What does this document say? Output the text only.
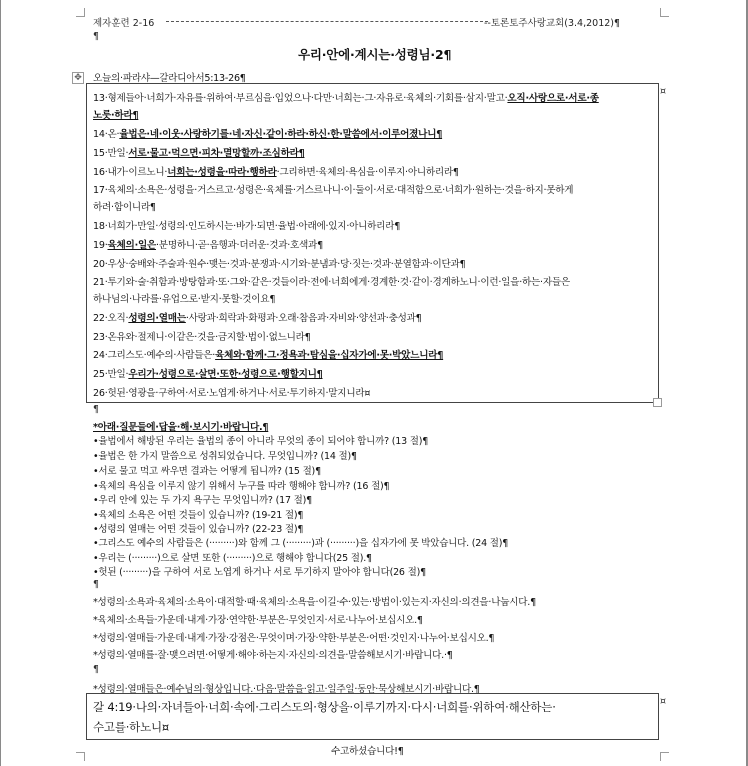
제자훈련 2-16	--토론토주사랑교회(3.4,2012)¶
¶
우리·안에·계시는·성령님·2¶
✥ 오늘의·파라샤—갈라디아서5:13-26¶
¤
13·형제들아·너희가·자유를·위하여·부르심을·입었으나·다만·너희는·그·자유로·육체의·기회를·삼지·말고·오직·사랑으로·서로·종
노릇·하라¶
14·온·율법은·네·이웃·사랑하기를·네·자신·같이·하라·하신·한·말씀에서·이루어졌나니¶
15·만일·서로·물고·먹으면·피차·멸망할까·조심하라¶
16·내가·이르노니·너희는·성령을·따라·행하라·그리하면·육체의·욕심을·이루지·아니하리라¶
17·육체의·소욕은·성령을·거스르고·성령은·육체를·거스르나니·이·둘이·서로·대적함으로·너희가·원하는·것을·하지·못하게
하려·함이니라¶
18·너희가·만일·성령의·인도하시는·바가·되면·율법·아래에·있지·아니하리라¶
19·육체의·일은·분명하니·곧·음행과·더러운·것과·호색과¶
20·우상·숭배와·주술과·원수·맺는·것과·분쟁과·시기와·분냄과·당·짓는·것과·분열함과·이단과¶
21·투기와·술·취함과·방탕함과·또·그와·같은·것들이라·전에·너희에게·경계한·것·같이·경계하노니·이런·일을·하는·자들은
하나님의·나라를·유업으로·받지·못할·것이요¶
22·오직·성령의·열매는·사랑과·희락과·화평과·오래·참음과·자비와·양선과·충성과¶
23·온유와·절제니·이같은·것을·금지할·법이·없느니라¶
24·그리스도·예수의·사람들은·육체와·함께·그·정욕과·탐심을·십자가에·못·박았느니라¶
25·만일·우리가·성령으로·살면·또한·성령으로·행할지니¶
26·헛된·영광을·구하여·서로·노엽게·하거나·서로·투기하지·말지니라¤
¶
*아래·질문들에·답을·해·보시기·바랍니다.¶
•율법에서 해방된 우리는 율법의 종이 아니라 무엇의 종이 되어야 합니까? (13 절)¶
•율법은 한 가지 말씀으로 성취되었습니다. 무엇입니까? (14 절)¶
•서로 물고 먹고 싸우면 결과는 어떻게 됩니까? (15 절)¶
•육체의 욕심을 이루지 않기 위해서 누구를 따라 행해야 합니까? (16 절)¶
•우리 안에 있는 두 가지 욕구는 무엇입니까? (17 절)¶
•육체의 소욕은 어떤 것들이 있습니까? (19-21 절)¶
•성령의 열매는 어떤 것들이 있습니까? (22-23 절)¶
•그리스도 예수의 사람들은 (·········)와 함께 그 (·········)과 (·········)을 십자가에 못 박았습니다. (24 절)¶
•우리는 (·········)으로 살면 또한 (·········)으로 행해야 합니다(25 절).¶
•헛된 (·········)을 구하여 서로 노엽게 하거나 서로 투기하지 말아야 합니다(26 절)¶
¶
*성령의·소욕과·육체의·소욕이·대적할·때·육체의·소욕을·이길·수·있는·방법이·있는지·자신의·의견을·나눕시다.¶
*육체의·소욕들·가운데·내게·가장·연약한·부분은·무엇인지·서로·나누어·보십시오.¶
*성령의·열매들·가운데·내게·가장·강점은·무엇이며·가장·약한·부분은·어떤·것인지·나누어·보십시오.¶
*성령의·열매를·잘·맺으려면·어떻게·해야·하는지·자신의·의견을·말씀해보시기·바랍니다.·¶
¶
*성령의·열매들은·예수님의·형상입니다.·다음·말씀을·읽고·일주일·동안·묵상해보시기·바랍니다.¶
¤
갈 4:19·나의·자녀들아·너희·속에·그리스도의·형상을·이루기까지·다시·너희를·위하여·해산하는·
수고를·하노니¤
수고하셨습니다!¶
